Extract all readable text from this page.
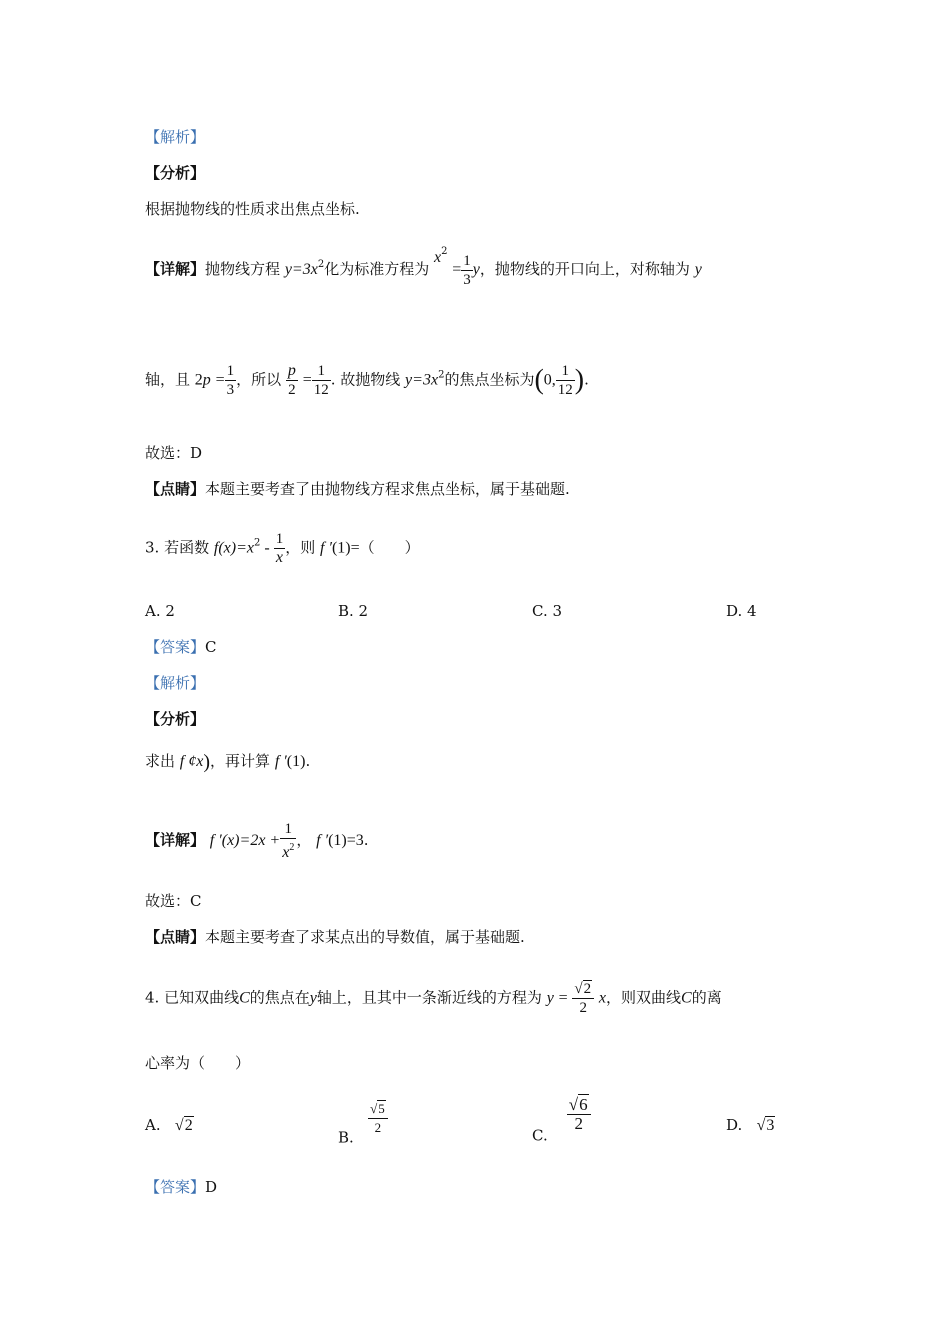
【解析】
【分析】
根据抛物线的性质求出焦点坐标.
【详解】抛物线方程 $y=3x^2$化为标准方程为 $x^2 = \frac{1}{3}$ y，抛物线的开口向上，对称轴为 y
轴，且 $2p = \frac{1}{3}$ ，所以 $\frac{p}{2} = \frac{1}{12}$ . 故抛物线 $y=3x^2$的焦点坐标为(0, $\frac{1}{12}$ ).
故选：D
【点睛】本题主要考查了由抛物线方程求焦点坐标，属于基础题.
3. 若函数 $f(x)=x^2 - \frac{1}{x}$ ，则 f ′(1)=（　　）
A. 2	B. 2	C. 3	D. 4
【答案】C
【解析】
【分析】
求出 f ¢x)，再计算 f ′(1).
【详解】 f $'(x)=2x + \frac{1}{x^2}$ ， f ′(1)=3.
故选：C
【点睛】本题主要考查了求某点出的导数值，属于基础题.
4. 已知双曲线C的焦点在y轴上，且其中一条渐近线的方程为 $y = \frac{√2}{2}$ x，则双曲线C的离
心率为（　　）
A. √2
B.
$\frac{√5}{2}$	C.
$\frac{√6}{2}$	D. √3
【答案】D
